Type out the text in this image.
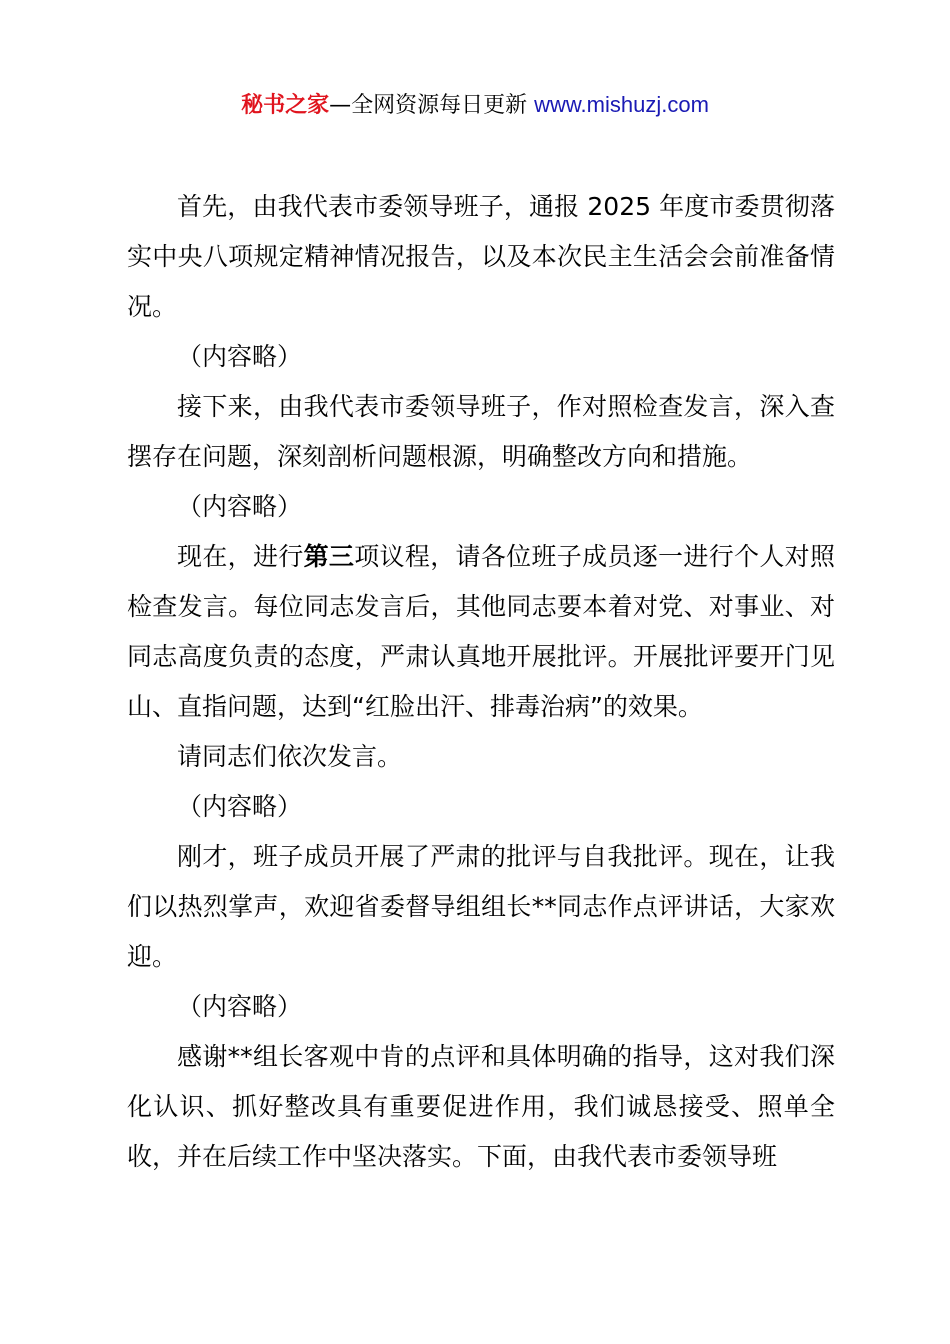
秘书之家—全网资源每日更新 www.mishuzj.com

首先，由我代表市委领导班子，通报 2025 年度市委贯彻落实中央八项规定精神情况报告，以及本次民主生活会会前准备情况。

（内容略）

接下来，由我代表市委领导班子，作对照检查发言，深入查摆存在问题，深刻剖析问题根源，明确整改方向和措施。

（内容略）

现在，进行第三项议程，请各位班子成员逐一进行个人对照检查发言。每位同志发言后，其他同志要本着对党、对事业、对同志高度负责的态度，严肃认真地开展批评。开展批评要开门见山、直指问题，达到“红脸出汗、排毒治病”的效果。

请同志们依次发言。

（内容略）

刚才，班子成员开展了严肃的批评与自我批评。现在，让我们以热烈掌声，欢迎省委督导组组长**同志作点评讲话，大家欢迎。

（内容略）

感谢**组长客观中肯的点评和具体明确的指导，这对我们深化认识、抓好整改具有重要促进作用，我们诚恳接受、照单全收，并在后续工作中坚决落实。下面，由我代表市委领导班
